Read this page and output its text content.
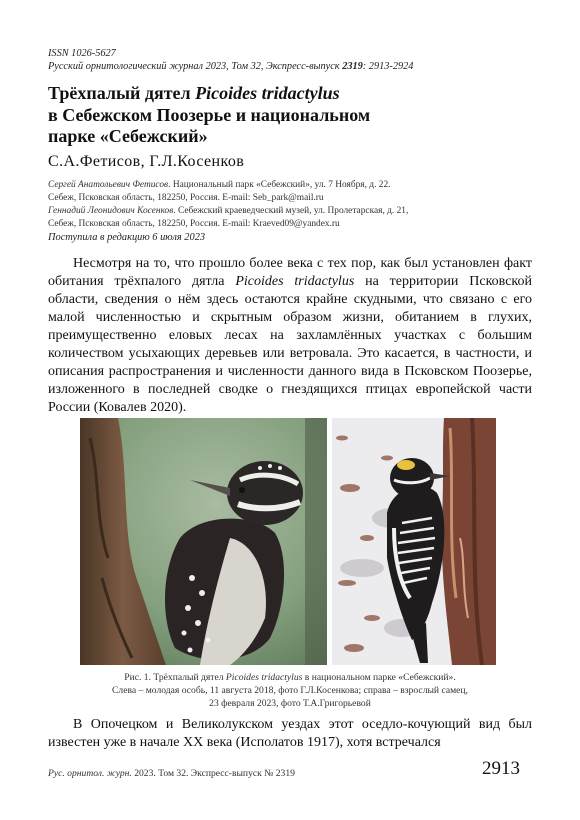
ISSN 1026-5627
Русский орнитологический журнал 2023, Том 32, Экспресс-выпуск 2319: 2913-2924
Трёхпалый дятел Picoides tridactylus
в Себежском Поозерье и национальном
парке «Себежский»
С.А.Фетисов, Г.Л.Косенков
Сергей Анатольевич Фетисов. Национальный парк «Себежский», ул. 7 Ноября, д. 22.
Себеж, Псковская область, 182250, Россия. E-mail: Seb_park@mail.ru
Геннадий Леонидович Косенков. Себежский краеведческий музей, ул. Пролетарская, д. 21,
Себеж, Псковская область, 182250, Россия. E-mail: Kraeved09@yandex.ru
Поступила в редакцию 6 июля 2023
Несмотря на то, что прошло более века с тех пор, как был установлен факт обитания трёхпалого дятла Picoides tridactylus на территории Псковской области, сведения о нём здесь остаются крайне скудными, что связано с его малой численностью и скрытным образом жизни, обитанием в глухих, преимущественно еловых лесах на захламлённых участках с большим количеством усыхающих деревьев или ветровала. Это касается, в частности, и описания распространения и численности данного вида в Псковском Поозерье, изложенного в последней сводке о гнездящихся птицах европейской части России (Ковалев 2020).
Рис. 1. Трёхпалый дятел Picoides tridactylus в национальном парке «Себежский».
Слева – молодая особь, 11 августа 2018, фото Г.Л.Косенкова; справа – взрослый самец,
23 февраля 2023, фото Т.А.Григорьевой
В Опочецком и Великолукском уездах этот оседло-кочующий вид был известен уже в начале XX века (Исполатов 1917), хотя встречался
Рус. орнитол. журн. 2023. Том 32. Экспресс-выпуск № 2319	2913
